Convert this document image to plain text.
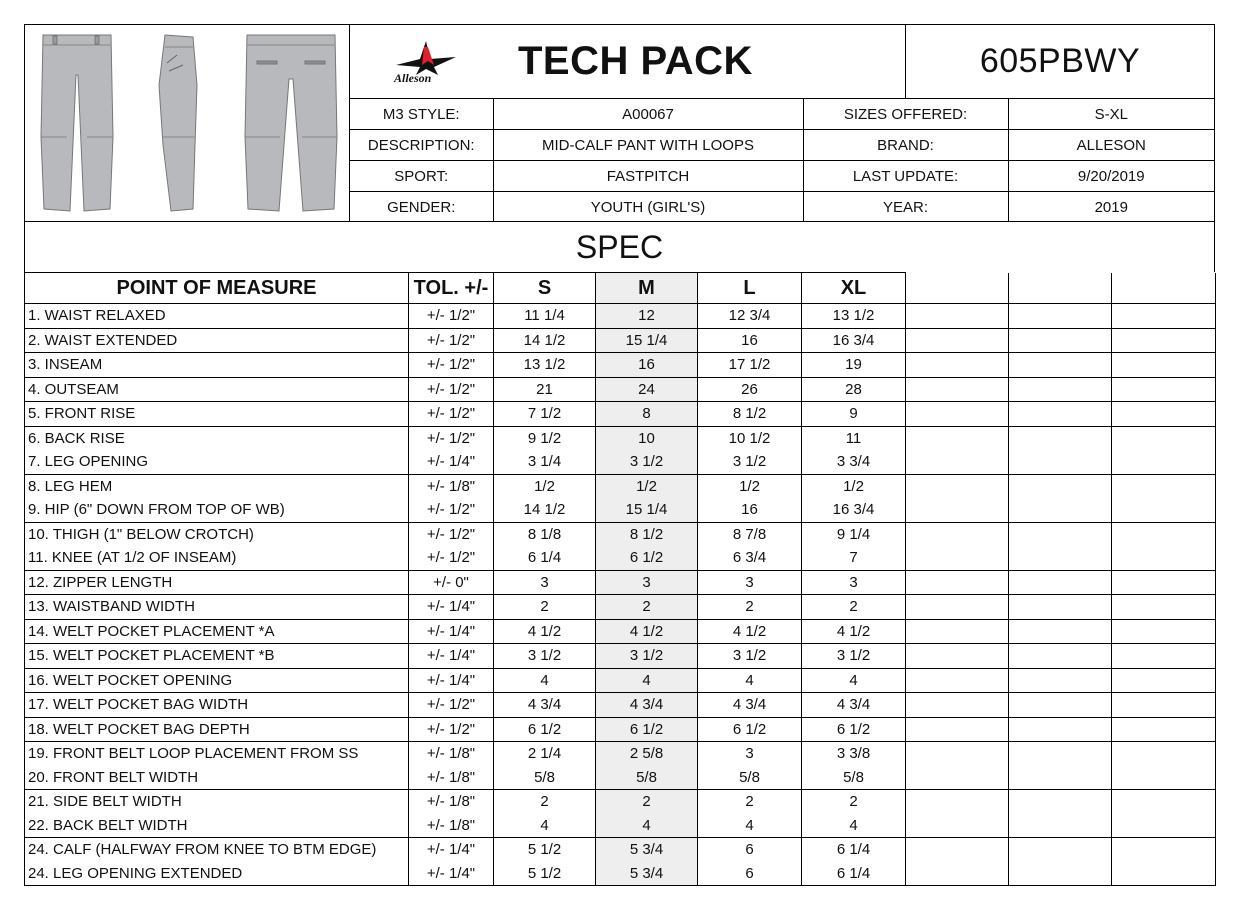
Alleson TECH PACK	605PBWY
M3 STYLE:	A00067	SIZES OFFERED:	S-XL
DESCRIPTION:	MID-CALF PANT WITH LOOPS	BRAND:	ALLESON
SPORT:	FASTPITCH	LAST UPDATE:	9/20/2019
GENDER:	YOUTH (GIRL'S)	YEAR:	2019
SPEC
POINT OF MEASURE	TOL. +/-	S	M	L	XL			
1. WAIST RELAXED	+/- 1/2"	11 1/4	12	12 3/4	13 1/2			
2. WAIST EXTENDED	+/- 1/2"	14 1/2	15 1/4	16	16 3/4			
3. INSEAM	+/- 1/2"	13 1/2	16	17 1/2	19			
4. OUTSEAM	+/- 1/2"	21	24	26	28			
5. FRONT RISE	+/- 1/2"	7 1/2	8	8 1/2	9			
6. BACK RISE	+/- 1/2"	9 1/2	10	10 1/2	11			
7. LEG OPENING	+/- 1/4"	3 1/4	3 1/2	3 1/2	3 3/4			
8. LEG HEM	+/- 1/8"	1/2	1/2	1/2	1/2			
9. HIP (6" DOWN FROM TOP OF WB)	+/- 1/2"	14 1/2	15 1/4	16	16 3/4			
10. THIGH (1" BELOW CROTCH)	+/- 1/2"	8 1/8	8 1/2	8 7/8	9 1/4			
11. KNEE (AT 1/2 OF INSEAM)	+/- 1/2"	6 1/4	6 1/2	6 3/4	7			
12. ZIPPER LENGTH	+/- 0"	3	3	3	3			
13. WAISTBAND WIDTH	+/- 1/4"	2	2	2	2			
14. WELT POCKET PLACEMENT *A	+/- 1/4"	4 1/2	4 1/2	4 1/2	4 1/2			
15. WELT POCKET PLACEMENT *B	+/- 1/4"	3 1/2	3 1/2	3 1/2	3 1/2			
16. WELT POCKET OPENING	+/- 1/4"	4	4	4	4			
17. WELT POCKET BAG WIDTH	+/- 1/2"	4 3/4	4 3/4	4 3/4	4 3/4			
18. WELT POCKET BAG DEPTH	+/- 1/2"	6 1/2	6 1/2	6 1/2	6 1/2			
19. FRONT BELT LOOP PLACEMENT FROM SS	+/- 1/8"	2 1/4	2 5/8	3	3 3/8			
20. FRONT BELT WIDTH	+/- 1/8"	5/8	5/8	5/8	5/8			
21. SIDE BELT WIDTH	+/- 1/8"	2	2	2	2			
22. BACK BELT WIDTH	+/- 1/8"	4	4	4	4			
24. CALF (HALFWAY FROM KNEE TO BTM EDGE)	+/- 1/4"	5 1/2	5 3/4	6	6 1/4			
24. LEG OPENING EXTENDED	+/- 1/4"	5 1/2	5 3/4	6	6 1/4			
